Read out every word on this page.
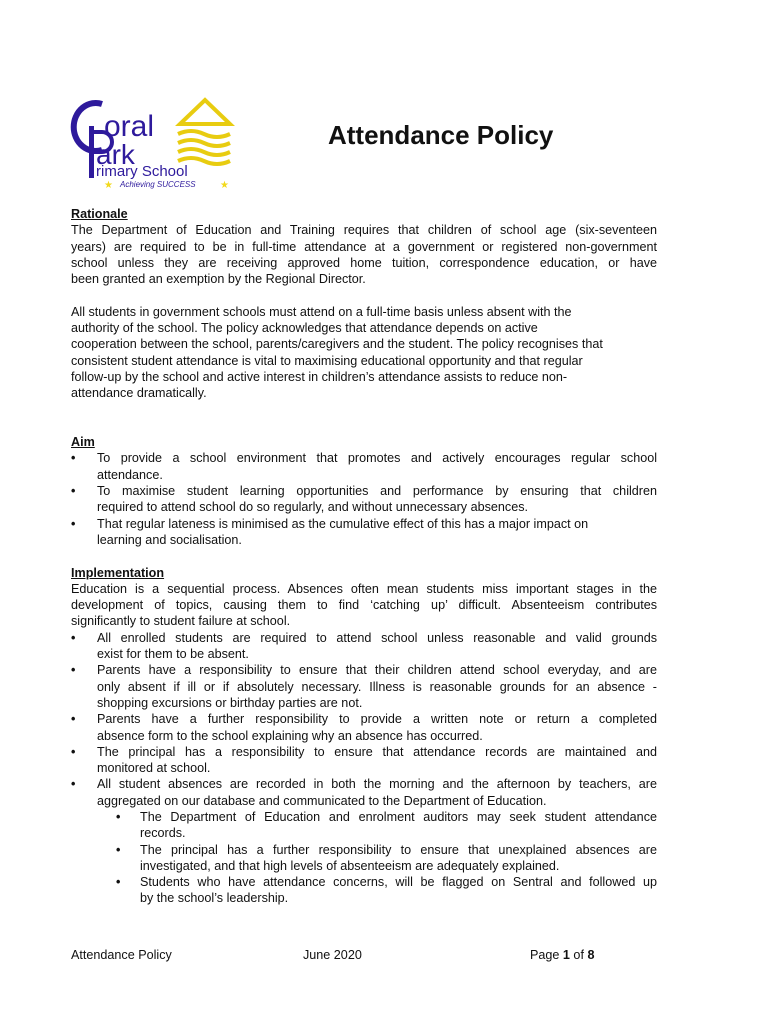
oral
ark
rimary School
Achieving SUCCESS
★	★
Attendance Policy
Rationale
The Department of Education and Training requires that children of school age (six-seventeen
years) are required to be in full-time attendance at a government or registered non-government
school unless they are receiving approved home tuition, correspondence education, or have
been granted an exemption by the Regional Director.
All students in government schools must attend on a full-time basis unless absent with the
authority of the school. The policy acknowledges that attendance depends on active
cooperation between the school, parents/caregivers and the student. The policy recognises that
consistent student attendance is vital to maximising educational opportunity and that regular
follow-up by the school and active interest in children’s attendance assists to reduce non-
attendance dramatically.
Aim
• To provide a school environment that promotes and actively encourages regular school
attendance.
• To maximise student learning opportunities and performance by ensuring that children
required to attend school do so regularly, and without unnecessary absences.
• That regular lateness is minimised as the cumulative effect of this has a major impact on
learning and socialisation.
Implementation
Education is a sequential process. Absences often mean students miss important stages in the
development of topics, causing them to find ‘catching up’ difficult. Absenteeism contributes
significantly to student failure at school.
• All enrolled students are required to attend school unless reasonable and valid grounds
exist for them to be absent.
• Parents have a responsibility to ensure that their children attend school everyday, and are
only absent if ill or if absolutely necessary. Illness is reasonable grounds for an absence -
shopping excursions or birthday parties are not.
• Parents have a further responsibility to provide a written note or return a completed
absence form to the school explaining why an absence has occurred.
• The principal has a responsibility to ensure that attendance records are maintained and
monitored at school.
• All student absences are recorded in both the morning and the afternoon by teachers, are
aggregated on our database and communicated to the Department of Education.
• The Department of Education and enrolment auditors may seek student attendance
records.
• The principal has a further responsibility to ensure that unexplained absences are
investigated, and that high levels of absenteeism are adequately explained.
• Students who have attendance concerns, will be flagged on Sentral and followed up
by the school’s leadership.
Attendance Policy	June 2020	Page 1 of 8
